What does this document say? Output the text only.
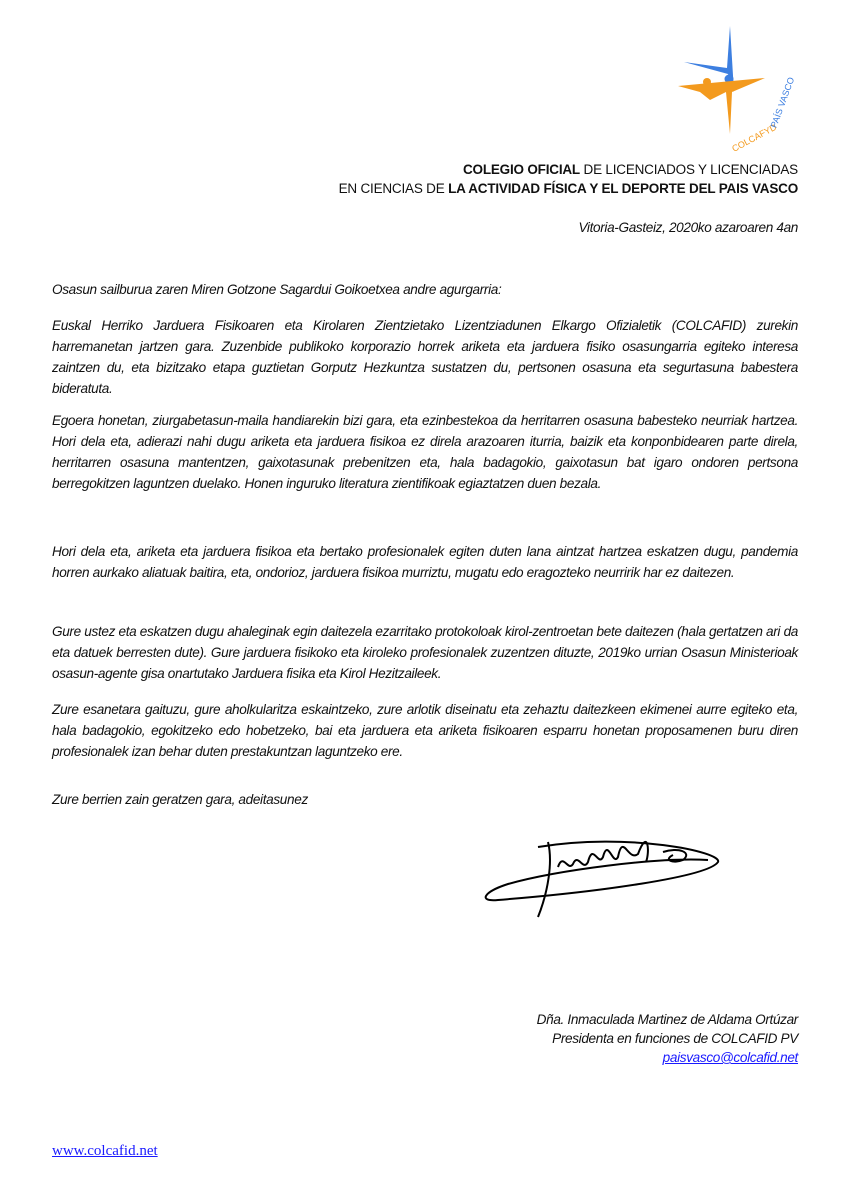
COLCAFYD
PAÍS VASCO
COLEGIO OFICIAL DE LICENCIADOS Y LICENCIADAS
EN CIENCIAS DE LA ACTIVIDAD FÍSICA Y EL DEPORTE DEL PAIS VASCO
Vitoria-Gasteiz, 2020ko azaroaren 4an
Osasun sailburua zaren Miren Gotzone Sagardui Goikoetxea andre agurgarria:
Euskal Herriko Jarduera Fisikoaren eta Kirolaren Zientzietako Lizentziadunen Elkargo Ofizialetik (COLCAFID) zurekin harremanetan jartzen gara. Zuzenbide publikoko korporazio horrek ariketa eta jarduera fisiko osasungarria egiteko interesa zaintzen du, eta bizitzako etapa guztietan Gorputz Hezkuntza sustatzen du, pertsonen osasuna eta segurtasuna babestera bideratuta.
Egoera honetan, ziurgabetasun-maila handiarekin bizi gara, eta ezinbestekoa da herritarren osasuna babesteko neurriak hartzea. Hori dela eta, adierazi nahi dugu ariketa eta jarduera fisikoa ez direla arazoaren iturria, baizik eta konponbidearen parte direla, herritarren osasuna mantentzen, gaixotasunak prebenitzen eta, hala badagokio, gaixotasun bat igaro ondoren pertsona berregokitzen laguntzen duelako. Honen inguruko literatura zientifikoak egiaztatzen duen bezala.
Hori dela eta, ariketa eta jarduera fisikoa eta bertako profesionalek egiten duten lana aintzat hartzea eskatzen dugu, pandemia horren aurkako aliatuak baitira, eta, ondorioz, jarduera fisikoa murriztu, mugatu edo eragozteko neurririk har ez daitezen.
Gure ustez eta eskatzen dugu ahaleginak egin daitezela ezarritako protokoloak kirol-zentroetan bete daitezen (hala gertatzen ari da eta datuek berresten dute). Gure jarduera fisikoko eta kiroleko profesionalek zuzentzen dituzte, 2019ko urrian Osasun Ministerioak osasun-agente gisa onartutako Jarduera fisika eta Kirol Hezitzaileek.
Zure esanetara gaituzu, gure aholkularitza eskaintzeko, zure arlotik diseinatu eta zehaztu daitezkeen ekimenei aurre egiteko eta, hala badagokio, egokitzeko edo hobetzeko, bai eta jarduera eta ariketa fisikoaren esparru honetan proposamenen buru diren profesionalek izan behar duten prestakuntzan laguntzeko ere.
Zure berrien zain geratzen gara, adeitasunez
Dña. Inmaculada Martinez de Aldama Ortúzar
Presidenta en funciones de COLCAFID PV
paisvasco@colcafid.net
www.colcafid.net
